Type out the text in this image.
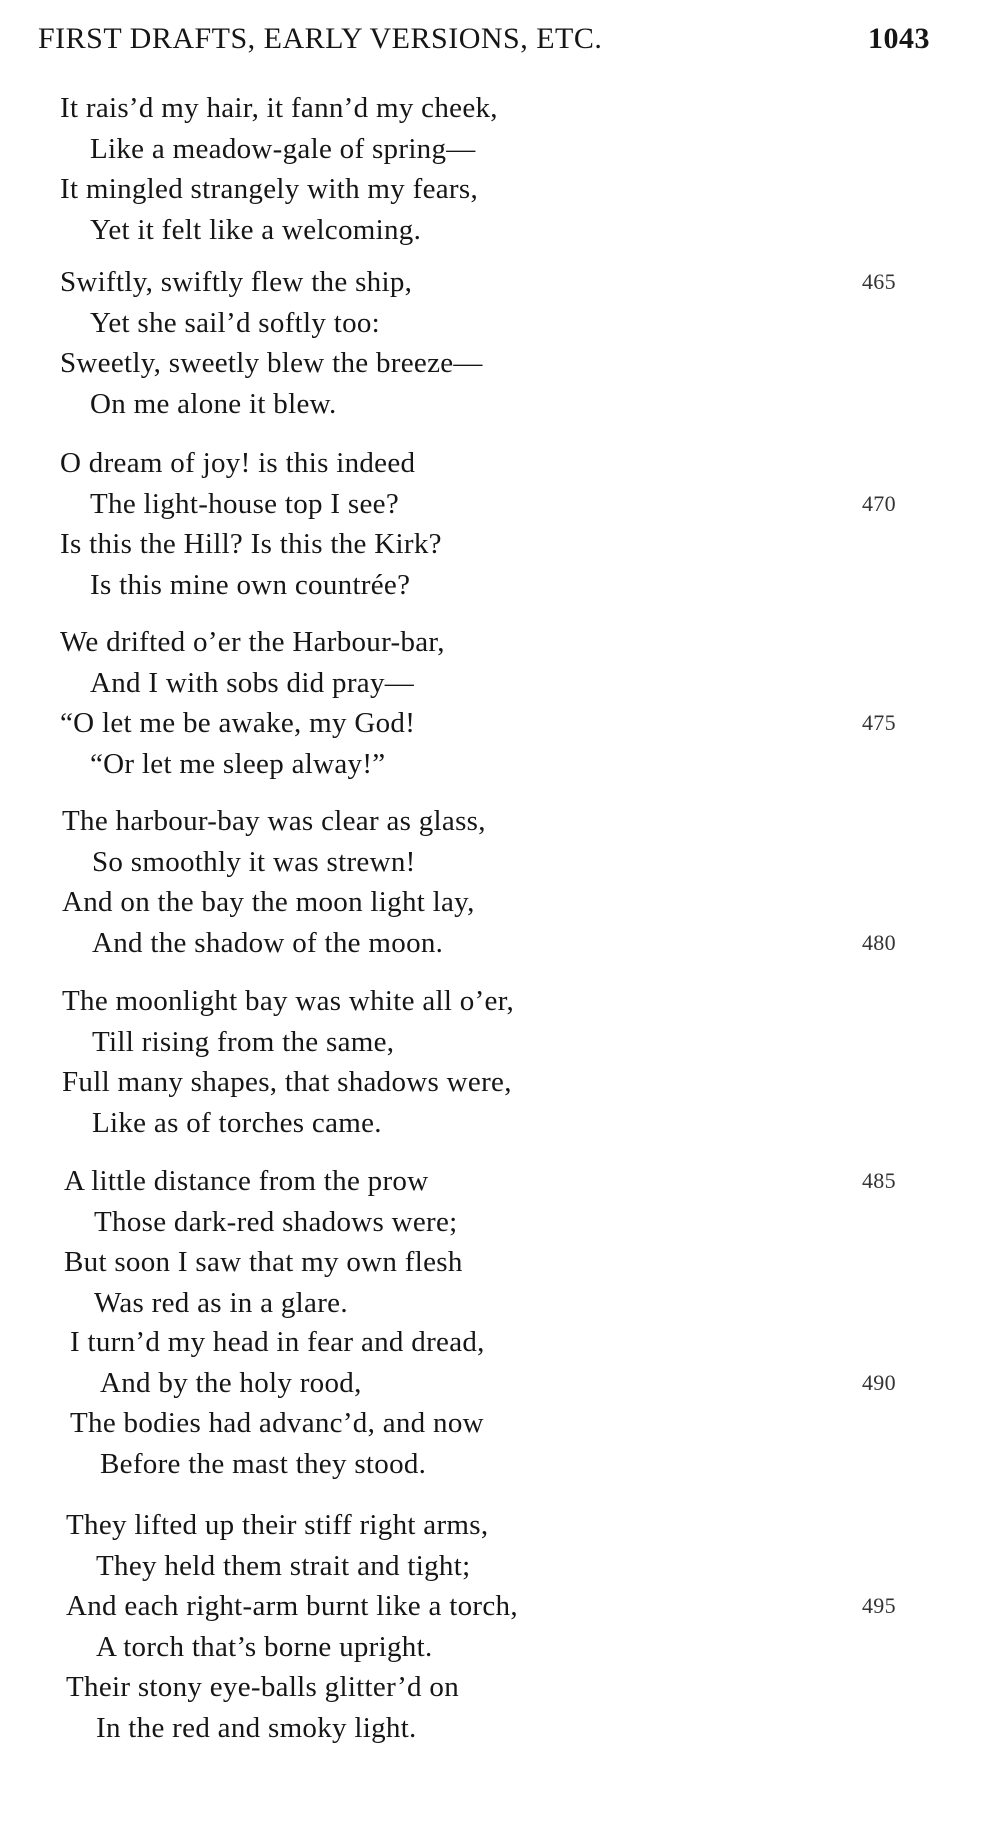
FIRST DRAFTS, EARLY VERSIONS, ETC.	1043
It rais’d my hair, it fann’d my cheek,
Like a meadow-gale of spring—
It mingled strangely with my fears,
Yet it felt like a welcoming.
Swiftly, swiftly flew the ship,	465
Yet she sail’d softly too:
Sweetly, sweetly blew the breeze—
On me alone it blew.
O dream of joy! is this indeed
The light-house top I see?	470
Is this the Hill? Is this the Kirk?
Is this mine own countrée?
We drifted o’er the Harbour-bar,
And I with sobs did pray—
“O let me be awake, my God!	475
“Or let me sleep alway!”
The harbour-bay was clear as glass,
So smoothly it was strewn!
And on the bay the moon light lay,
And the shadow of the moon.	480
The moonlight bay was white all o’er,
Till rising from the same,
Full many shapes, that shadows were,
Like as of torches came.
A little distance from the prow	485
Those dark-red shadows were;
But soon I saw that my own flesh
Was red as in a glare.
I turn’d my head in fear and dread,
And by the holy rood,	490
The bodies had advanc’d, and now
Before the mast they stood.
They lifted up their stiff right arms,
They held them strait and tight;
And each right-arm burnt like a torch,	495
A torch that’s borne upright.
Their stony eye-balls glitter’d on
In the red and smoky light.
